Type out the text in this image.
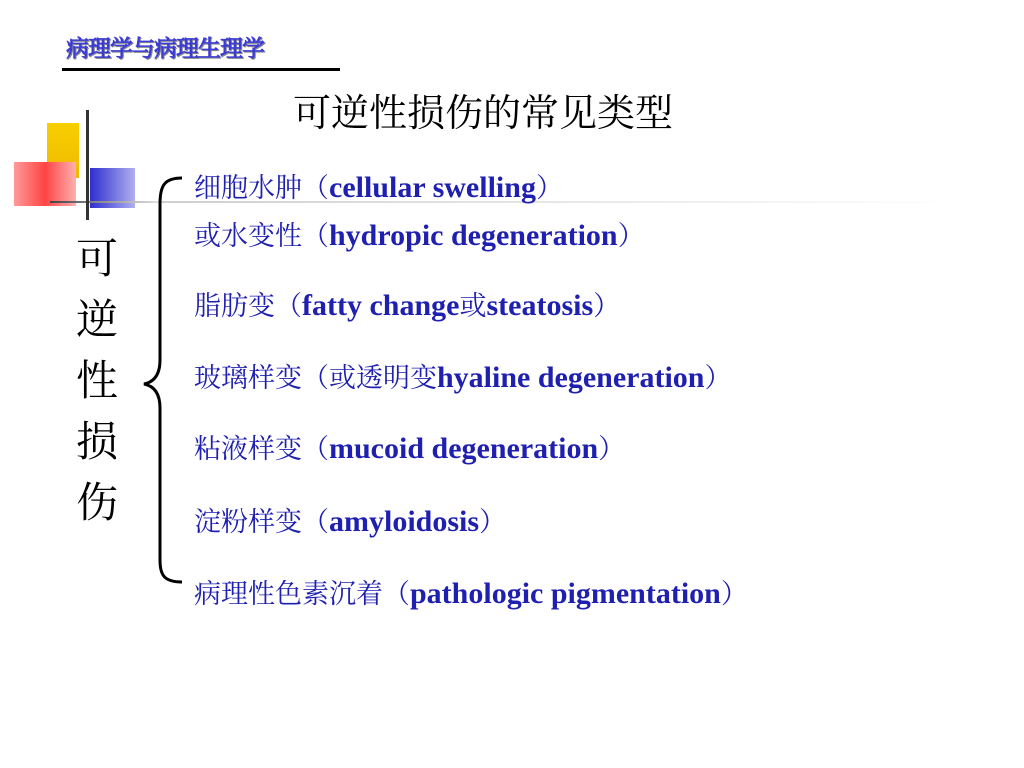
病理学与病理生理学
可逆性损伤的常见类型
可
逆
性
损
伤
细胞水肿（cellular swelling）
或水变性（hydropic degeneration）
脂肪变（fatty change或steatosis）
玻璃样变（或透明变hyaline degeneration）
粘液样变（mucoid degeneration）
淀粉样变（amyloidosis）
病理性色素沉着（pathologic pigmentation）
